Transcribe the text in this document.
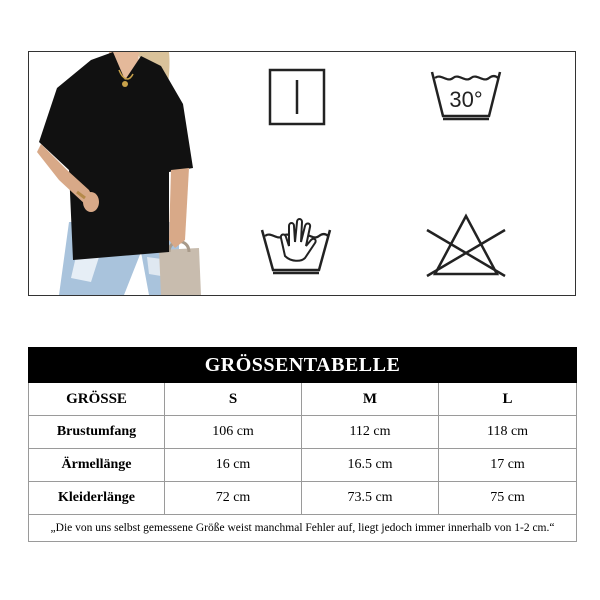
30°
GRÖSSENTABELLE			
GRÖSSE	S	M	L
Brustumfang	106 cm	112 cm	118 cm
Ärmellänge	16 cm	16.5 cm	17 cm
Kleiderlänge	72 cm	73.5 cm	75 cm
„Die von uns selbst gemessene Größe weist manchmal Fehler auf, liegt jedoch immer innerhalb von 1-2 cm.“			
